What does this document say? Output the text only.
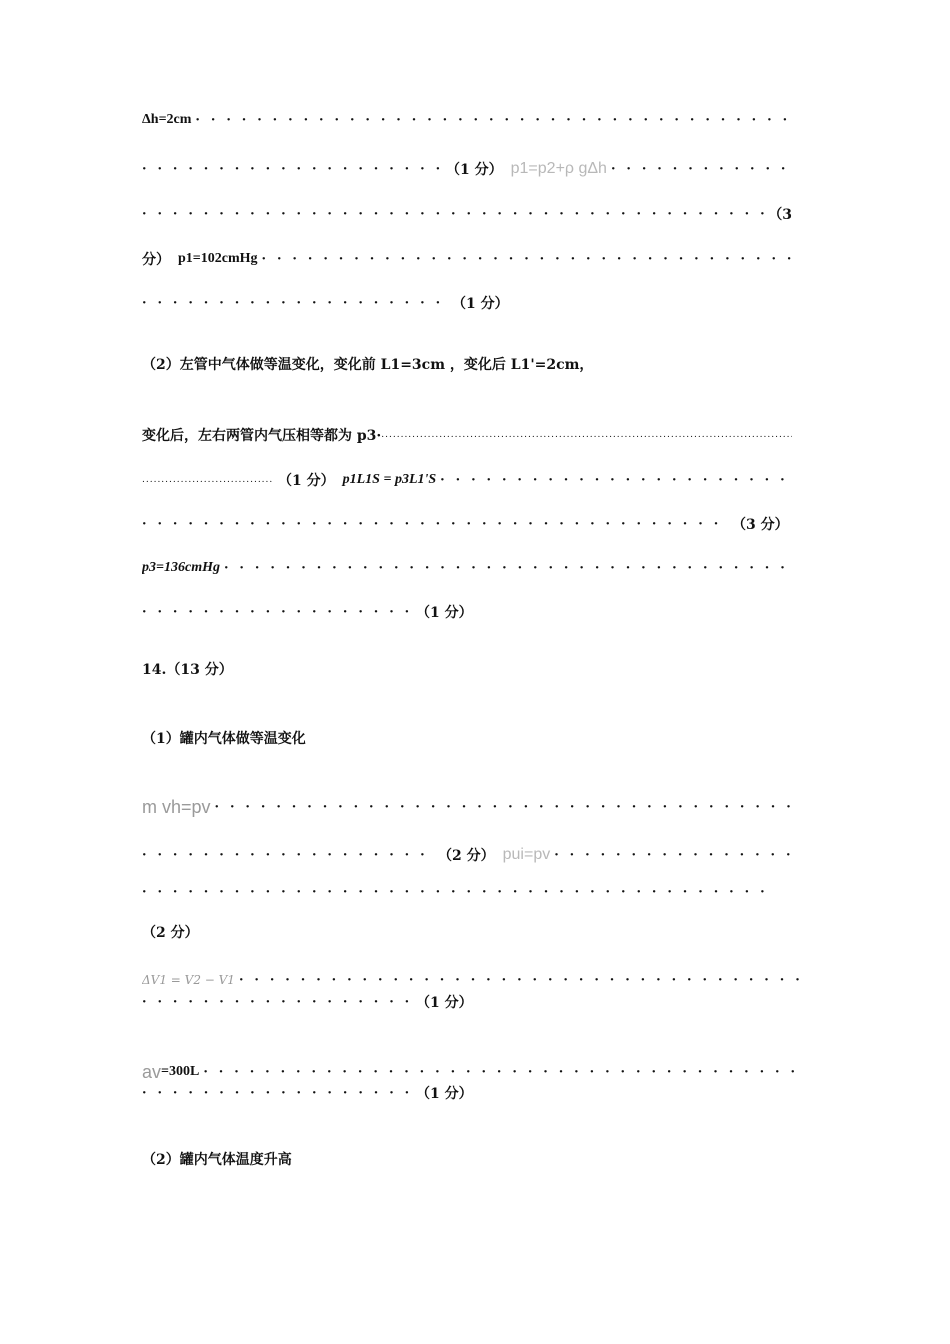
Δh=2cm
· · ·
· · ·
（1 分） p1=p2+ρ gΔh
· · ·
· · ·
（3
分） p1=102cmHg
· · ·
· · ·
（1 分）
（2）左管中气体做等温变化，变化前 L1=3cm ，变化后 L1'=2cm，
变化后，左右两管内气压相等都为 p3·
.....
.....
（1 分） p1L1S = p3L1'S
· · ·
· · ·
（3 分）
p3=136cmHg
· · ·
· · ·
（1 分）
14.（13 分）
（1）罐内气体做等温变化
m vh=pv
· · ·
· · ·
（2 分） pui=pv
· · ·
· · ·
（2 分）
ΔV1 = V2 − V1
· · ·
· · ·
（1 分）
av =300L
· · ·
· · ·
（1 分）
（2）罐内气体温度升高
